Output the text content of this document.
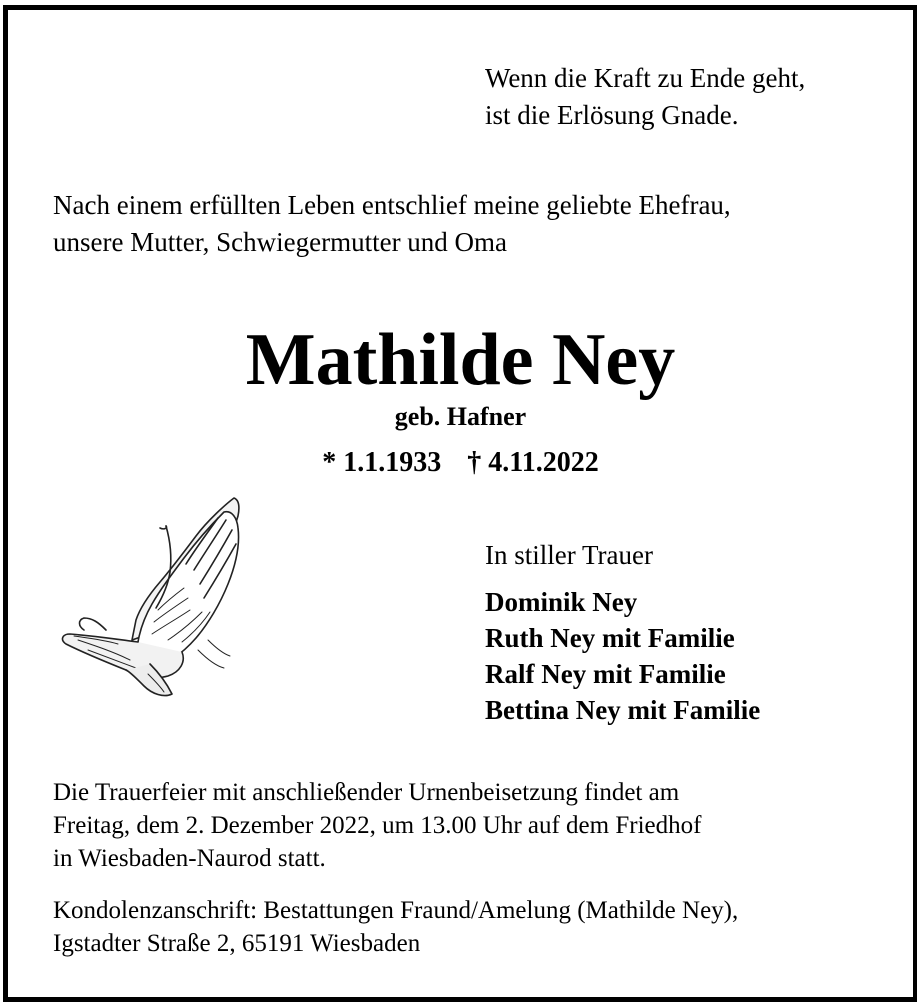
Wenn die Kraft zu Ende geht,
ist die Erlösung Gnade.
Nach einem erfüllten Leben entschlief meine geliebte Ehefrau,
unsere Mutter, Schwiegermutter und Oma
Mathilde Ney
geb. Hafner
* 1.1.1933 † 4.11.2022
In stiller Trauer
Dominik Ney
Ruth Ney mit Familie
Ralf Ney mit Familie
Bettina Ney mit Familie
Die Trauerfeier mit anschließender Urnenbeisetzung findet am
Freitag, dem 2. Dezember 2022, um 13.00 Uhr auf dem Friedhof
in Wiesbaden-Naurod statt.
Kondolenzanschrift: Bestattungen Fraund/Amelung (Mathilde Ney),
Igstadter Straße 2, 65191 Wiesbaden
